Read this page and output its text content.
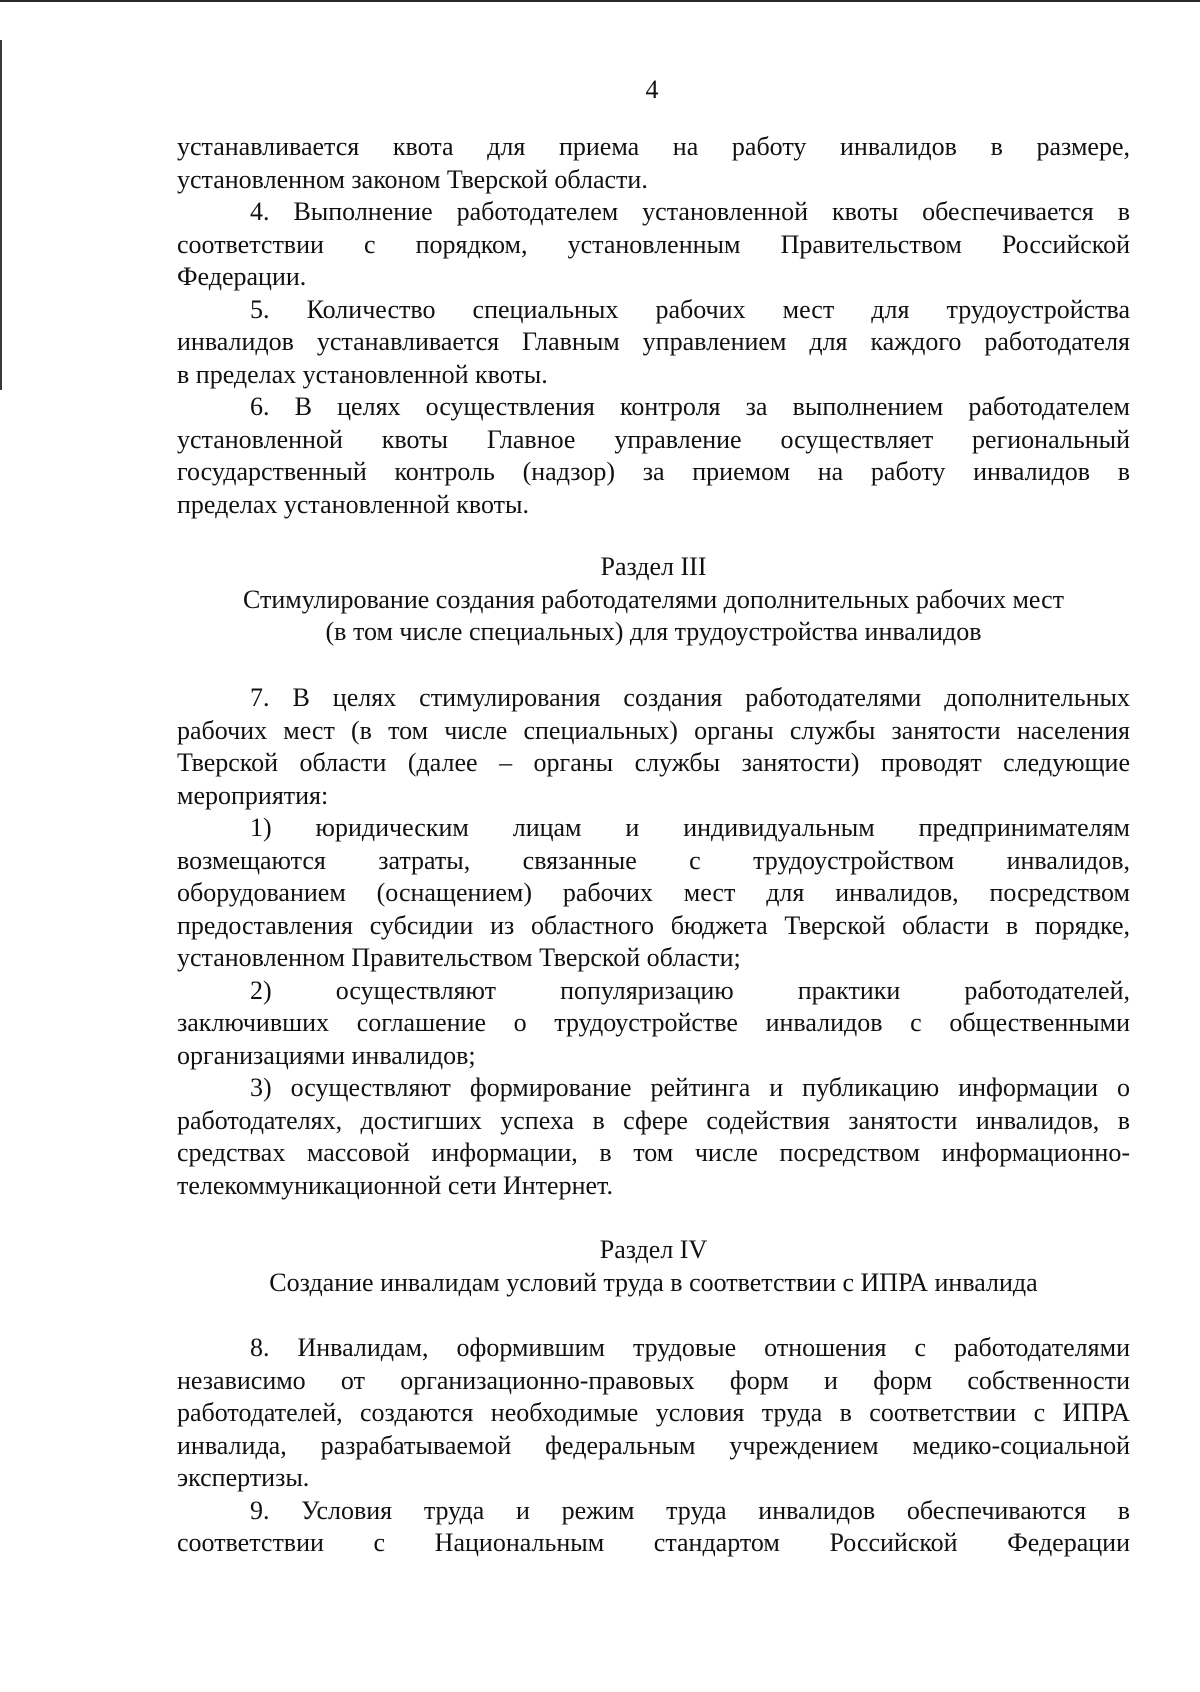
4

устанавливается квота для приема на работу инвалидов в размере,

установленном законом Тверской области.

4. Выполнение работодателем установленной квоты обеспечивается в

соответствии с порядком, установленным Правительством Российской

Федерации.

5. Количество специальных рабочих мест для трудоустройства

инвалидов устанавливается Главным управлением для каждого работодателя

в пределах установленной квоты.

6. В целях осуществления контроля за выполнением работодателем

установленной квоты Главное управление осуществляет региональный

государственный контроль (надзор) за приемом на работу инвалидов в

пределах установленной квоты.

Раздел III
Стимулирование создания работодателями дополнительных рабочих мест
(в том числе специальных) для трудоустройства инвалидов

7. В целях стимулирования создания работодателями дополнительных

рабочих мест (в том числе специальных) органы службы занятости населения

Тверской области (далее – органы службы занятости) проводят следующие

мероприятия:

1) юридическим лицам и индивидуальным предпринимателям

возмещаются затраты, связанные с трудоустройством инвалидов,

оборудованием (оснащением) рабочих мест для инвалидов, посредством

предоставления субсидии из областного бюджета Тверской области в порядке,

установленном Правительством Тверской области;

2) осуществляют популяризацию практики работодателей,

заключивших соглашение о трудоустройстве инвалидов с общественными

организациями инвалидов;

3) осуществляют формирование рейтинга и публикацию информации о

работодателях, достигших успеха в сфере содействия занятости инвалидов, в

средствах массовой информации, в том числе посредством информационно-

телекоммуникационной сети Интернет.

Раздел IV
Создание инвалидам условий труда в соответствии с ИПРА инвалида

8. Инвалидам, оформившим трудовые отношения с работодателями

независимо от организационно-правовых форм и форм собственности

работодателей, создаются необходимые условия труда в соответствии с ИПРА

инвалида, разрабатываемой федеральным учреждением медико-социальной

экспертизы.

9. Условия труда и режим труда инвалидов обеспечиваются в

соответствии с Национальным стандартом Российской Федерации
